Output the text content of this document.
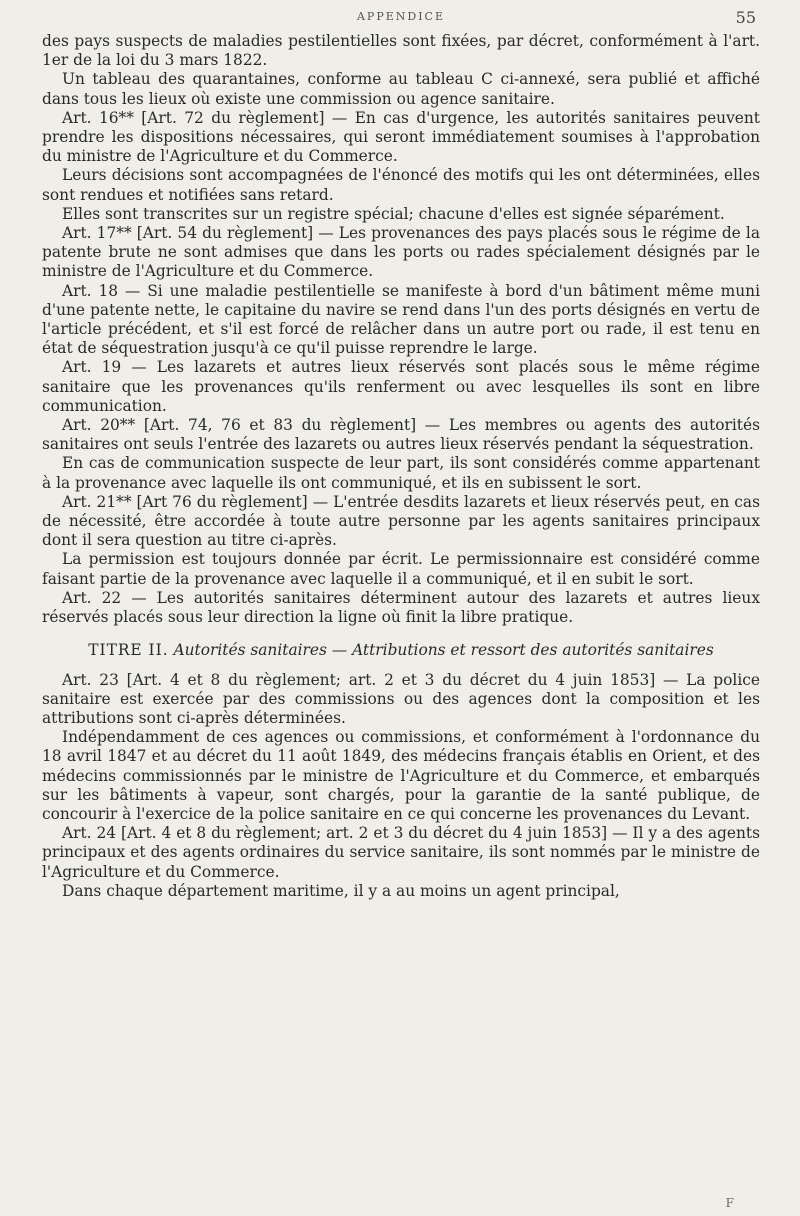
APPENDICE	55

des pays suspects de maladies pestilentielles sont fixées, par décret, conformément à l'art. 1er de la loi du 3 mars 1822.

Un tableau des quarantaines, conforme au tableau C ci-annexé, sera publié et affiché dans tous les lieux où existe une commission ou agence sanitaire.

Art. 16** [Art. 72 du règlement] — En cas d'urgence, les autorités sanitaires peuvent prendre les dispositions nécessaires, qui seront immédiatement soumises à l'approbation du ministre de l'Agriculture et du Commerce.

Leurs décisions sont accompagnées de l'énoncé des motifs qui les ont déterminées, elles sont rendues et notifiées sans retard.

Elles sont transcrites sur un registre spécial; chacune d'elles est signée séparément.

Art. 17** [Art. 54 du règlement] — Les provenances des pays placés sous le régime de la patente brute ne sont admises que dans les ports ou rades spécialement désignés par le ministre de l'Agriculture et du Commerce.

Art. 18 — Si une maladie pestilentielle se manifeste à bord d'un bâtiment même muni d'une patente nette, le capitaine du navire se rend dans l'un des ports désignés en vertu de l'article précédent, et s'il est forcé de relâcher dans un autre port ou rade, il est tenu en état de séquestration jusqu'à ce qu'il puisse reprendre le large.

Art. 19 — Les lazarets et autres lieux réservés sont placés sous le même régime sanitaire que les provenances qu'ils renferment ou avec lesquelles ils sont en libre communication.

Art. 20** [Art. 74, 76 et 83 du règlement] — Les membres ou agents des autorités sanitaires ont seuls l'entrée des lazarets ou autres lieux réservés pendant la séquestration.

En cas de communication suspecte de leur part, ils sont considérés comme appartenant à la provenance avec laquelle ils ont communiqué, et ils en subissent le sort.

Art. 21** [Art 76 du règlement] — L'entrée desdits lazarets et lieux réservés peut, en cas de nécessité, être accordée à toute autre personne par les agents sanitaires principaux dont il sera question au titre ci-après.

La permission est toujours donnée par écrit. Le permissionnaire est considéré comme faisant partie de la provenance avec laquelle il a communiqué, et il en subit le sort.

Art. 22 — Les autorités sanitaires déterminent autour des lazarets et autres lieux réservés placés sous leur direction la ligne où finit la libre pratique.

TITRE II. Autorités sanitaires — Attributions et ressort des autorités sanitaires

Art. 23 [Art. 4 et 8 du règlement; art. 2 et 3 du décret du 4 juin 1853] — La police sanitaire est exercée par des commissions ou des agences dont la composition et les attributions sont ci-après déterminées.

Indépendamment de ces agences ou commissions, et conformément à l'ordonnance du 18 avril 1847 et au décret du 11 août 1849, des médecins français établis en Orient, et des médecins commissionnés par le ministre de l'Agriculture et du Commerce, et embarqués sur les bâtiments à vapeur, sont chargés, pour la garantie de la santé publique, de concourir à l'exercice de la police sanitaire en ce qui concerne les provenances du Levant.

Art. 24 [Art. 4 et 8 du règlement; art. 2 et 3 du décret du 4 juin 1853] — Il y a des agents principaux et des agents ordinaires du service sanitaire, ils sont nommés par le ministre de l'Agriculture et du Commerce.

Dans chaque département maritime, il y a au moins un agent principal,

F
